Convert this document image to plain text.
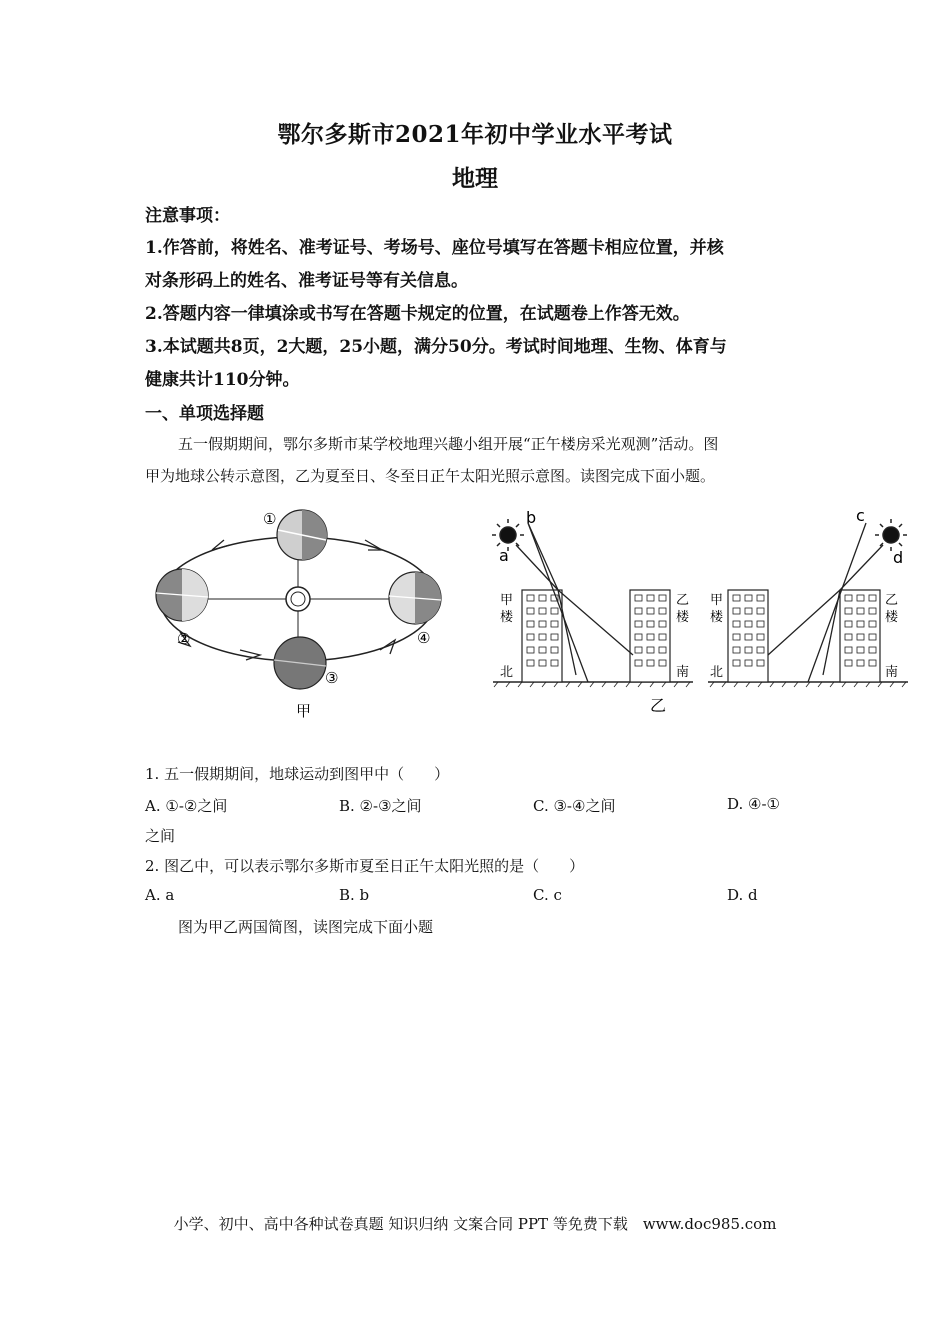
鄂尔多斯市2021年初中学业水平考试
地理
注意事项：
1.作答前，将姓名、准考证号、考场号、座位号填写在答题卡相应位置，并核
对条形码上的姓名、准考证号等有关信息。
2.答题内容一律填涂或书写在答题卡规定的位置，在试题卷上作答无效。
3.本试题共8页，2大题，25小题，满分50分。考试时间地理、生物、体育与
健康共计110分钟。
一、单项选择题
五一假期期间，鄂尔多斯市某学校地理兴趣小组开展“正午楼房采光观测”活动。图
甲为地球公转示意图，乙为夏至日、冬至日正午太阳光照示意图。读图完成下面小题。
①
②
③
④
甲
b
a
c
d
甲
楼
乙
楼
北	南
甲
楼
乙
楼
北	南
乙
1. 五一假期期间，地球运动到图甲中（　　）
A. ①-②之间	B. ②-③之间	C. ③-④之间	D. ④-①
之间
2. 图乙中，可以表示鄂尔多斯市夏至日正午太阳光照的是（　　）
A. a	B. b	C. c	D. d
图为甲乙两国简图，读图完成下面小题
小学、初中、高中各种试卷真题 知识归纳 文案合同 PPT 等免费下载　www.doc985.com
